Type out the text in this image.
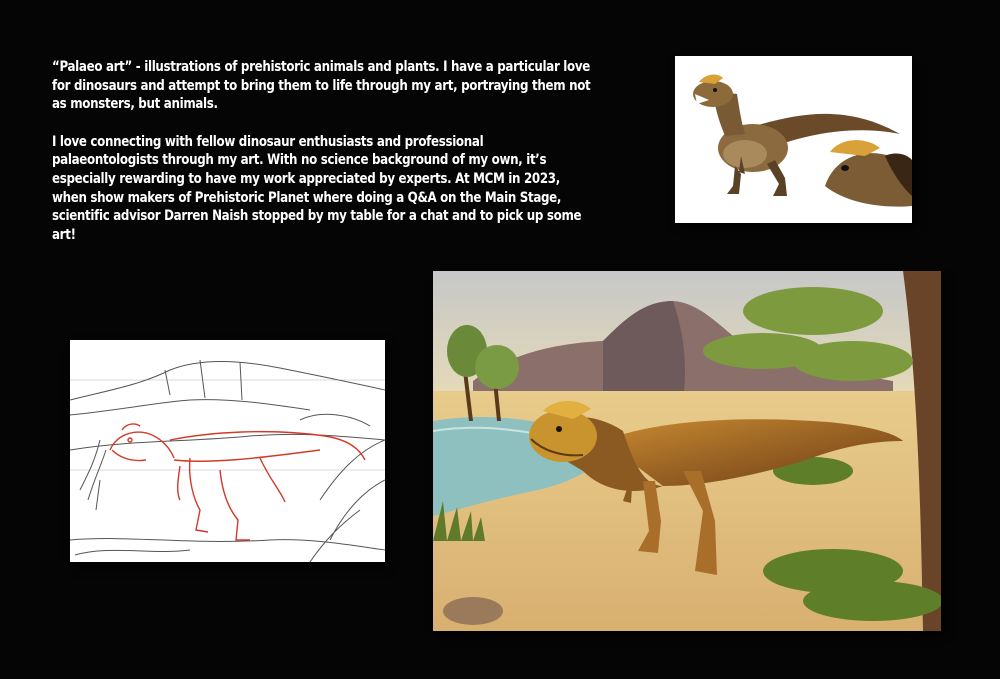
“Palaeo art” - illustrations of prehistoric animals and plants. I have a particular love for dinosaurs and attempt to bring them to life through my art, portraying them not as monsters, but animals.

I love connecting with fellow dinosaur enthusiasts and professional palaeontologists through my art. With no science background of my own, it’s especially rewarding to have my work appreciated by experts. At MCM in 2023, when show makers of Prehistoric Planet where doing a Q&A on the Main Stage, scientific advisor Darren Naish stopped by my table for a chat and to pick up some art!
